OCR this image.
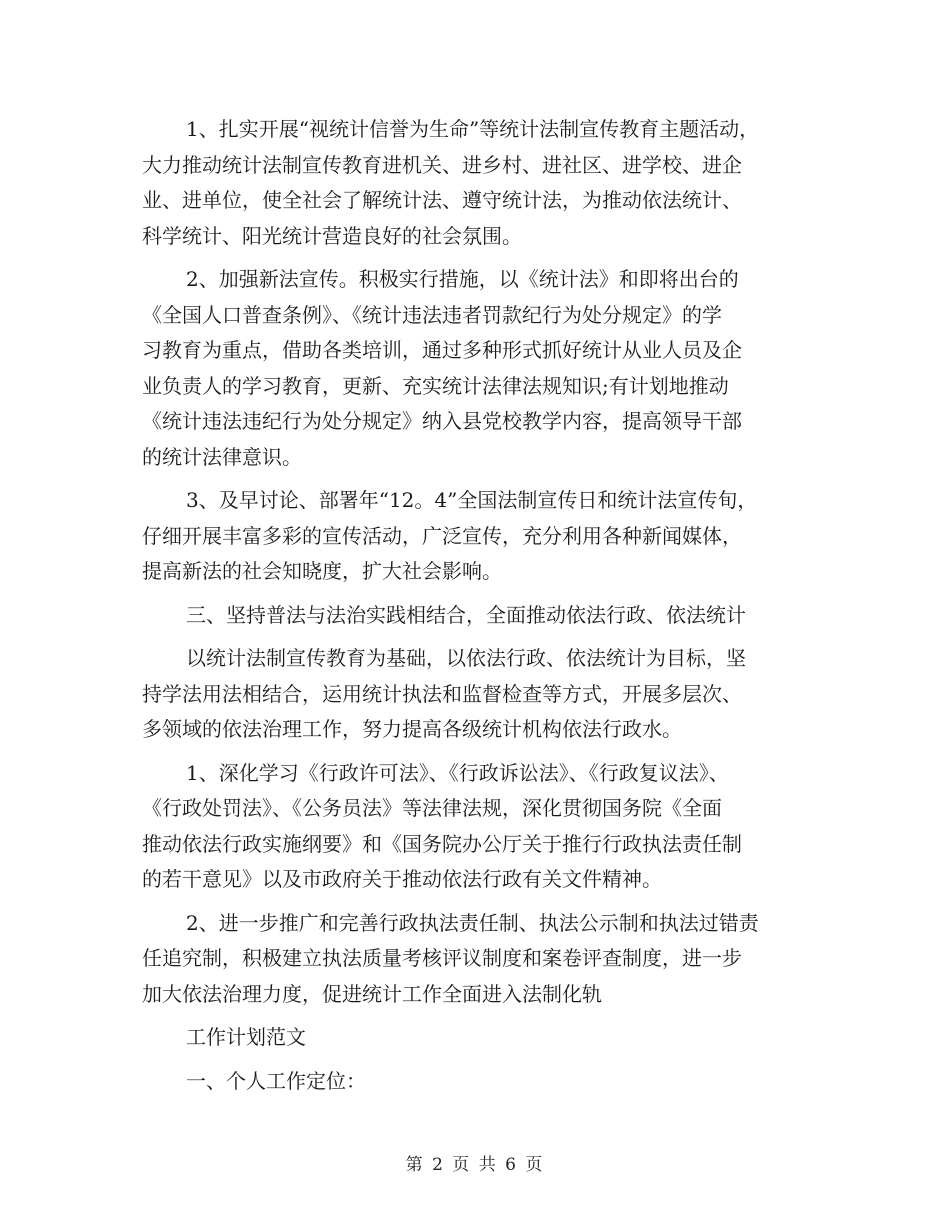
1、扎实开展“视统计信誉为生命”等统计法制宣传教育主题活动，
大力推动统计法制宣传教育进机关、进乡村、进社区、进学校、进企
业、进单位，使全社会了解统计法、遵守统计法，为推动依法统计、
科学统计、阳光统计营造良好的社会氛围。

2、加强新法宣传。积极实行措施，以《统计法》和即将出台的
《全国人口普查条例》、《统计违法违者罚款纪行为处分规定》的学
习教育为重点，借助各类培训，通过多种形式抓好统计从业人员及企
业负责人的学习教育，更新、充实统计法律法规知识;有计划地推动
《统计违法违纪行为处分规定》纳入县党校教学内容，提高领导干部
的统计法律意识。

3、及早讨论、部署年“12。4”全国法制宣传日和统计法宣传旬，
仔细开展丰富多彩的宣传活动，广泛宣传，充分利用各种新闻媒体，
提高新法的社会知晓度，扩大社会影响。

三、坚持普法与法治实践相结合，全面推动依法行政、依法统计

以统计法制宣传教育为基础，以依法行政、依法统计为目标，坚
持学法用法相结合，运用统计执法和监督检查等方式，开展多层次、
多领域的依法治理工作，努力提高各级统计机构依法行政水。

1、深化学习《行政许可法》、《行政诉讼法》、《行政复议法》、
《行政处罚法》、《公务员法》等法律法规，深化贯彻国务院《全面
推动依法行政实施纲要》和《国务院办公厅关于推行行政执法责任制
的若干意见》以及市政府关于推动依法行政有关文件精神。

2、进一步推广和完善行政执法责任制、执法公示制和执法过错责
任追究制，积极建立执法质量考核评议制度和案卷评查制度，进一步
加大依法治理力度，促进统计工作全面进入法制化轨

工作计划范文

一、个人工作定位：

第 2 页 共 6 页
